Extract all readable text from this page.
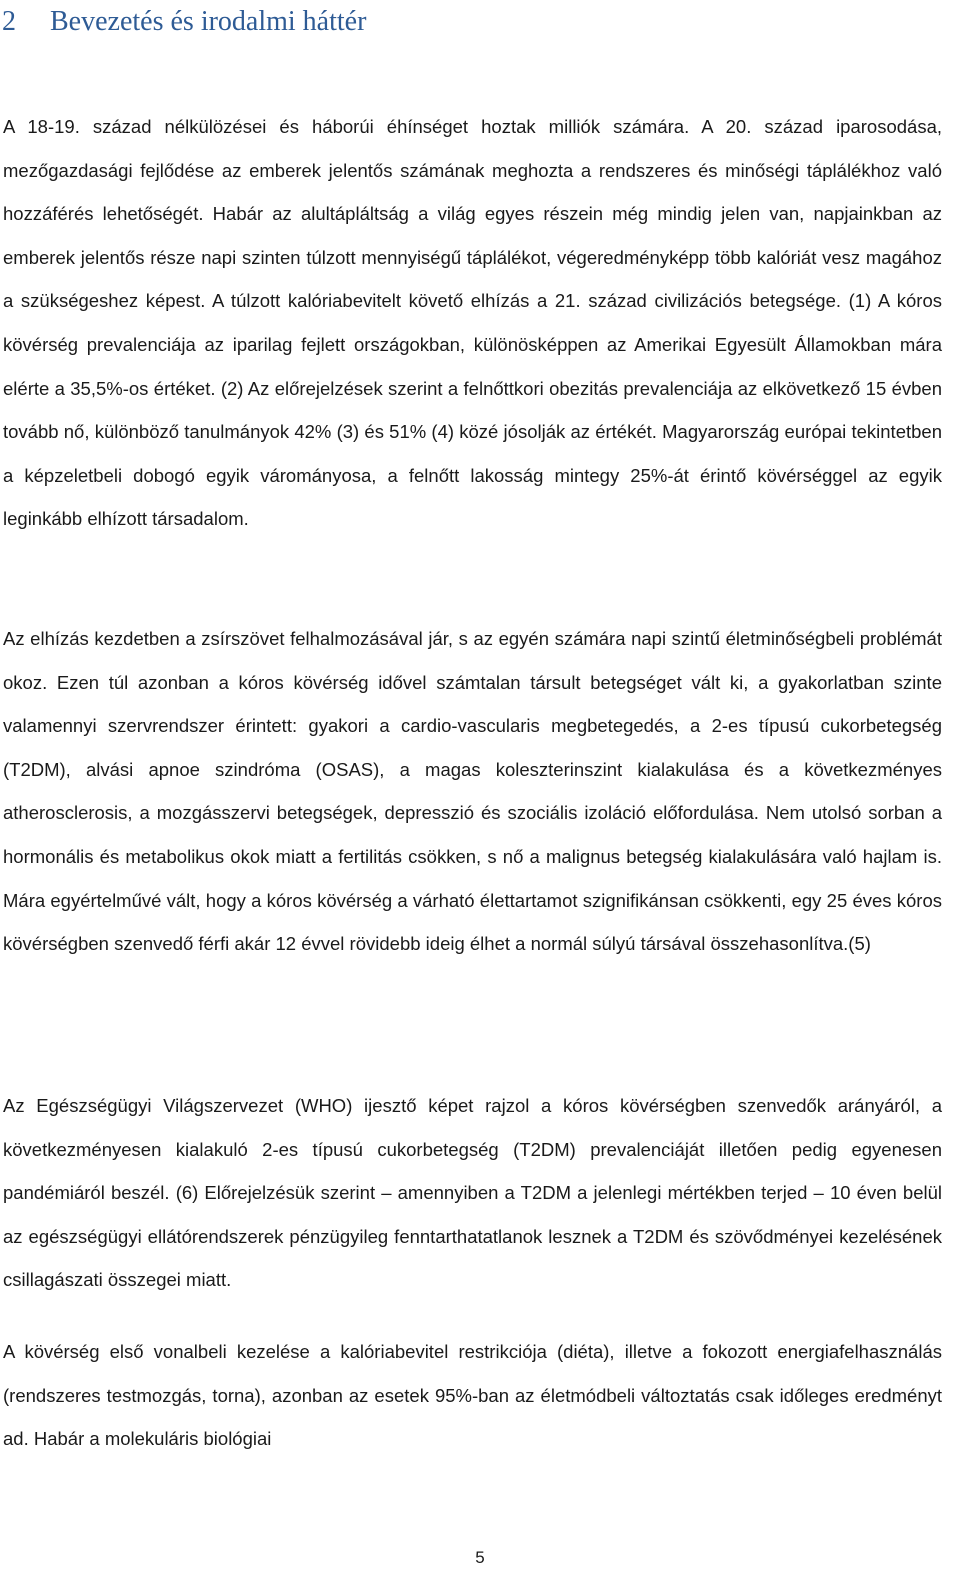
2 Bevezetés és irodalmi háttér

A 18-19. század nélkülözései és háborúi éhínséget hoztak milliók számára. A 20. század iparosodása, mezőgazdasági fejlődése az emberek jelentős számának meghozta a rendszeres és minőségi táplálékhoz való hozzáférés lehetőségét. Habár az alultápláltság a világ egyes részein még mindig jelen van, napjainkban az emberek jelentős része napi szinten túlzott mennyiségű táplálékot, végeredményképp több kalóriát vesz magához a szükségeshez képest. A túlzott kalóriabevitelt követő elhízás a 21. század civilizációs betegsége. (1) A kóros kövérség prevalenciája az iparilag fejlett országokban, különösképpen az Amerikai Egyesült Államokban mára elérte a 35,5%-os értéket. (2) Az előrejelzések szerint a felnőttkori obezitás prevalenciája az elkövetkező 15 évben tovább nő, különböző tanulmányok 42% (3) és 51% (4) közé jósolják az értékét. Magyarország európai tekintetben a képzeletbeli dobogó egyik várományosa, a felnőtt lakosság mintegy 25%-át érintő kövérséggel az egyik leginkább elhízott társadalom.

Az elhízás kezdetben a zsírszövet felhalmozásával jár, s az egyén számára napi szintű életminőségbeli problémát okoz. Ezen túl azonban a kóros kövérség idővel számtalan társult betegséget vált ki, a gyakorlatban szinte valamennyi szervrendszer érintett: gyakori a cardio-vascularis megbetegedés, a 2-es típusú cukorbetegség (T2DM), alvási apnoe szindróma (OSAS), a magas koleszterinszint kialakulása és a következményes atherosclerosis, a mozgásszervi betegségek, depresszió és szociális izoláció előfordulása. Nem utolsó sorban a hormonális és metabolikus okok miatt a fertilitás csökken, s nő a malignus betegség kialakulására való hajlam is. Mára egyértelművé vált, hogy a kóros kövérség a várható élettartamot szignifikánsan csökkenti, egy 25 éves kóros kövérségben szenvedő férfi akár 12 évvel rövidebb ideig élhet a normál súlyú társával összehasonlítva.(5)

Az Egészségügyi Világszervezet (WHO) ijesztő képet rajzol a kóros kövérségben szenvedők arányáról, a következményesen kialakuló 2-es típusú cukorbetegség (T2DM) prevalenciáját illetően pedig egyenesen pandémiáról beszél. (6) Előrejelzésük szerint – amennyiben a T2DM a jelenlegi mértékben terjed – 10 éven belül az egészségügyi ellátórendszerek pénzügyileg fenntarthatatlanok lesznek a T2DM és szövődményei kezelésének csillagászati összegei miatt.

A kövérség első vonalbeli kezelése a kalóriabevitel restrikciója (diéta), illetve a fokozott energiafelhasználás (rendszeres testmozgás, torna), azonban az esetek 95%-ban az életmódbeli változtatás csak időleges eredményt ad. Habár a molekuláris biológiai

5
